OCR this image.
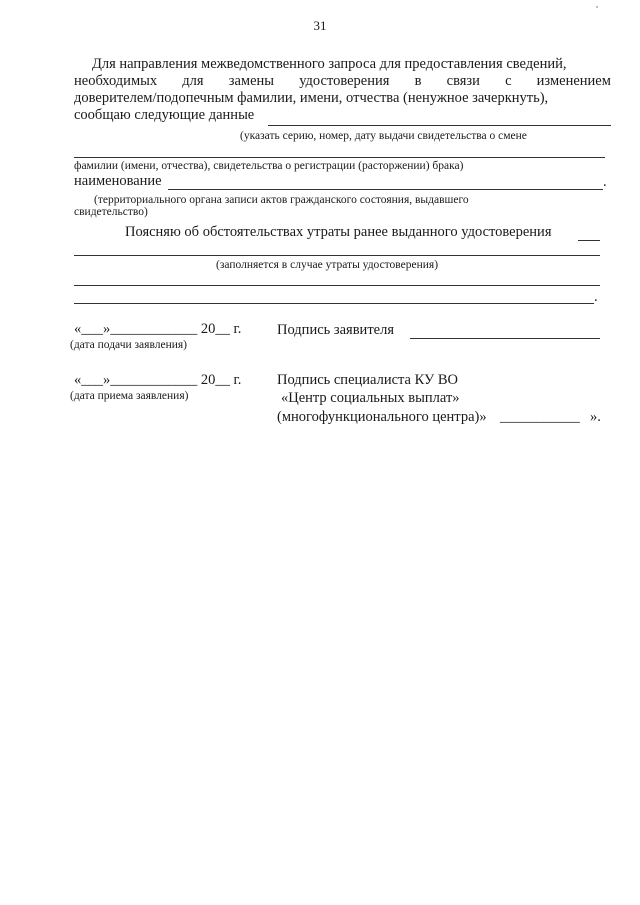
31
Для направления межведомственного запроса для предоставления сведений,
необходимых для замены удостоверения в связи с изменением
доверителем/подопечным фамилии, имени, отчества (ненужное зачеркнуть),
сообщаю следующие данные
(указать серию, номер, дату выдачи свидетельства о смене
фамилии (имени, отчества), свидетельства о регистрации (расторжении) брака)
наименование	.
(территориального органа записи актов гражданского состояния, выдавшего
свидетельство)
Поясняю об обстоятельствах утраты ранее выданного удостоверения
(заполняется в случае утраты удостоверения)
.
«___»____________ 20__ г.
(дата подачи заявления)
Подпись заявителя
«___»____________ 20__ г.
(дата приема заявления)
Подпись специалиста КУ ВО
«Центр социальных выплат»
(многофункционального центра)» ___________ ».
